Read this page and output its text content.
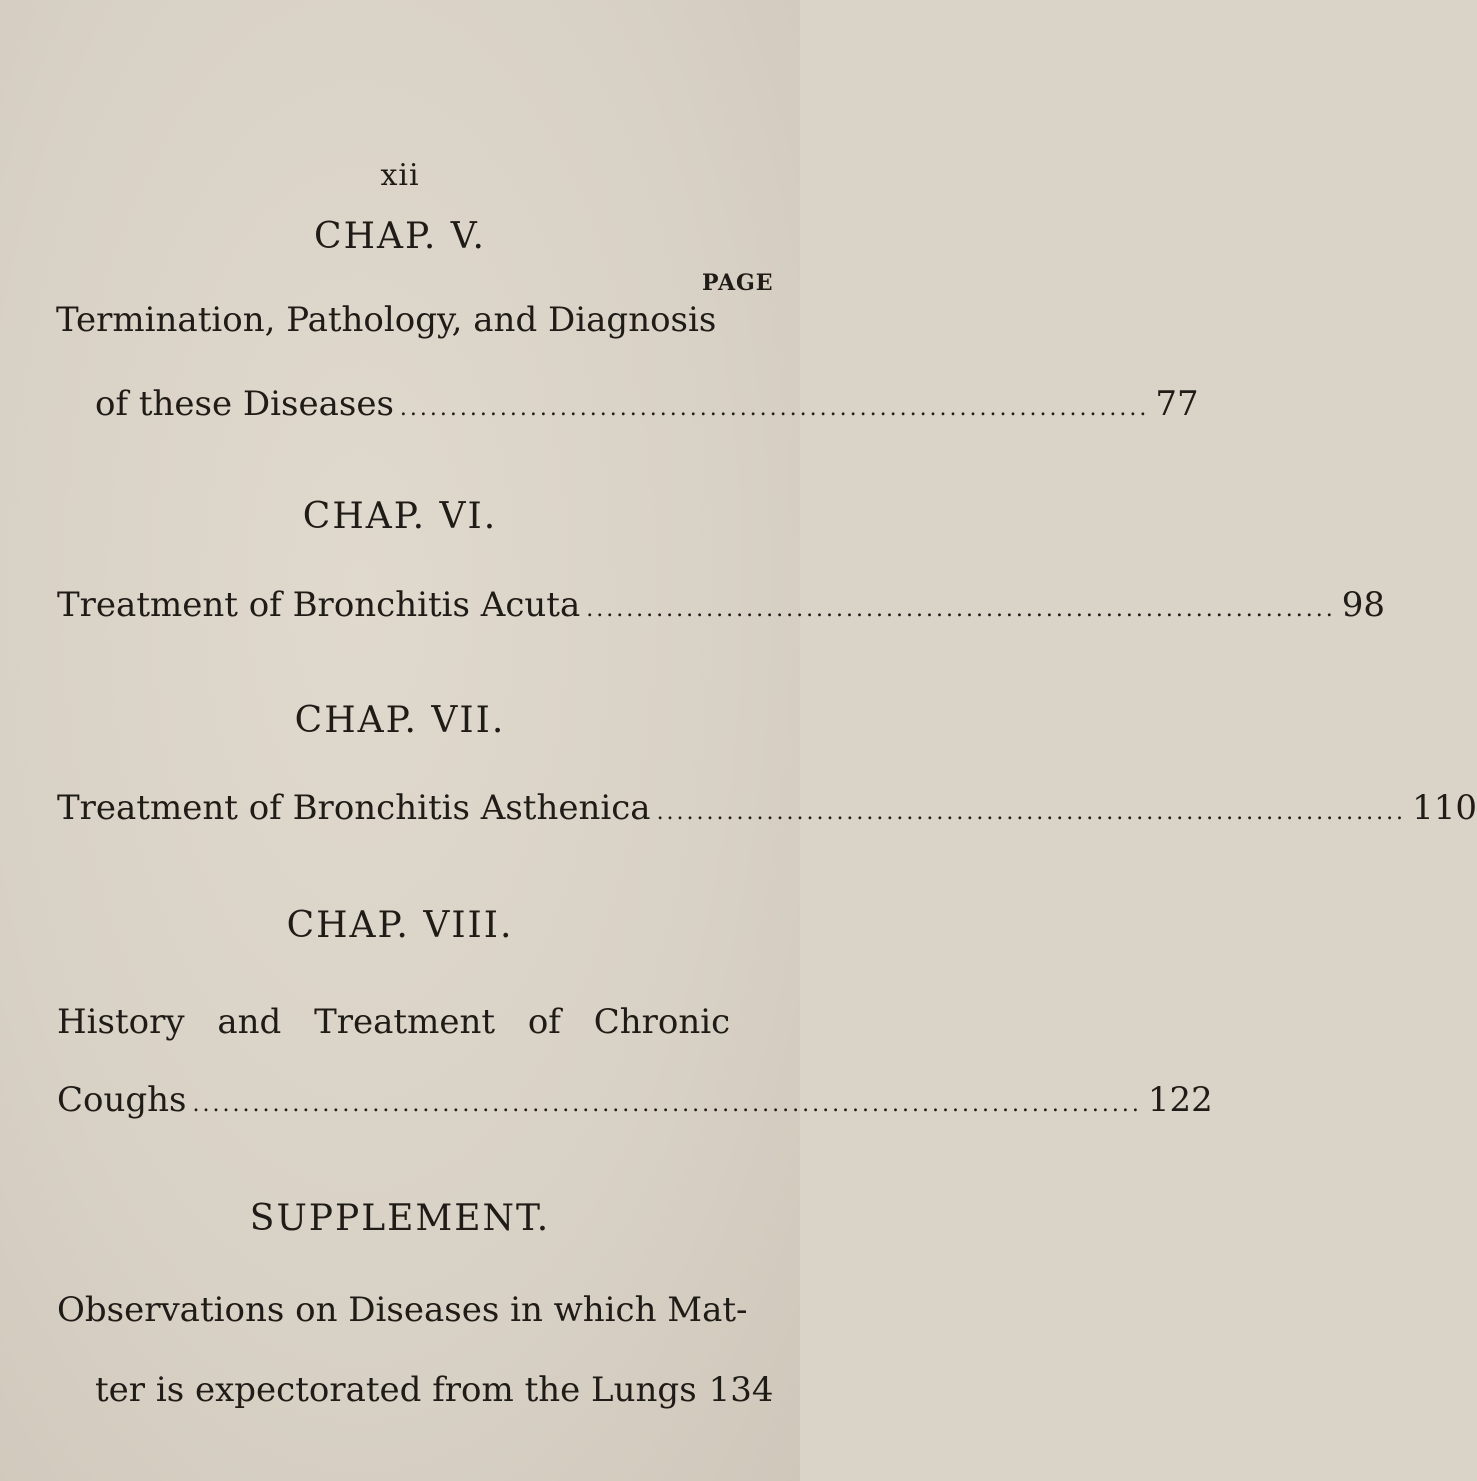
xii
CHAP. V.
PAGE
Termination, Pathology, and Diagnosis
of these Diseases ........................................................................... 77
CHAP. VI.
Treatment of Bronchitis Acuta ........................................................................... 98
CHAP. VII.
Treatment of Bronchitis Asthenica ........................................................................... 110
CHAP. VIII.
History and Treatment of Chronic
Coughs ............................................................................................... 122
SUPPLEMENT.
Observations on Diseases in which Mat-
ter is expectorated from the Lungs 134
